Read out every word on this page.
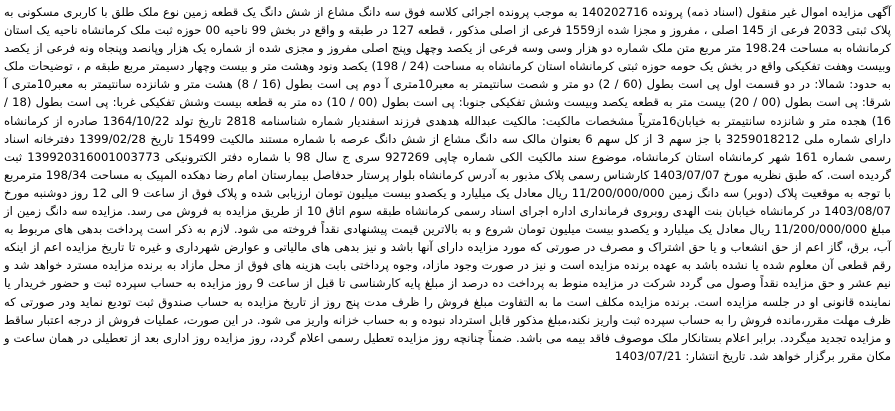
آگهی مزایده اموال غیر منقول (اسناد ذمه) پرونده 140202716 به موجب پرونده اجرائی کلاسه فوق سه دانگ مشاع از شش دانگ یک قطعه زمین نوع ملک طلق با کاربری مسکونی به پلاک ثبتی 2033 فرعی از 145 اصلی ، مفروز و مجزا شده از1559 فرعی از اصلی مذکور ، قطعه 127 در طبقه و واقع در بخش 99 ناحیه 00 حوزه ثبت ملک کرمانشاه ناحیه یک استان کرمانشاه به مساحت 198.24 متر مربع متن ملک شماره دو هزار وسی وسه فرعی از یکصد وچهل وپنج اصلی مفروز و مجزی شده از شماره یک هزار وپانصد وپنجاه ونه فرعی از یکصد وبیست وهفت تفکیکی واقع در بخش یک حومه حوزه ثبتی کرمانشاه استان کرمانشاه به مساحت (24 / 198) یکصد ونود وهشت متر و بیست وچهار دسیمتر مربع طبقه م ، توضیحات ملک به حدود: شمالا: در دو قسمت اول پی است بطول (60 / 2) دو متر و شصت سانتیمتر به معبر10متری آ دوم پی است بطول (16 / 8) هشت متر و شانزده سانتیمتر به معبر10متری آ شرقا: پی است بطول (00 / 20) بیست متر به قطعه یکصد وبیست وشش تفکیکی جنوبا: پی است بطول (00 / 10) ده متر به قطعه بیست وشش تفکیکی غربا: پی است بطول (18 / 16) هجده متر و شانزده سانتیمتر به خیابان16متریاً مشخصات مالکیت: مالکیت عبدالله هدهدی فرزند اسفندیار شماره شناسنامه 2818 تاریخ تولد 1364/10/22 صادره از کرمانشاه دارای شماره ملی 3259018212 با جز سهم 3 از کل سهم 6 بعنوان مالک سه دانگ مشاع از شش دانگ عرصه با شماره مستند مالکیت 15499 تاریخ 1399/02/28 دفترخانه اسناد رسمی شماره 161 شهر کرمانشاه استان کرمانشاه، موضوع سند مالکیت الکی شماره چاپی 927269 سری ج سال 98 با شماره دفتر الکترونیکی 139920316001003773 ثبت گردیده است. که طبق نظریه مورخ 1403/07/07 کارشناس رسمی پلاک مذبور به آدرس کرمانشاه بلوار پرستار حدفاصل بیمارستان امام رضا دهکده المپیک به مساحت 198/34 مترمربع با توجه به موقعیت پلاک (دوبر) سه دانگ زمین 11/200/000/000 ریال معادل یک میلیارد و یکصدو بیست میلیون تومان ارزیابی شده و پلاک فوق از ساعت 9 الی 12 روز دوشنبه مورخ 1403/08/07 در کرمانشاه خیابان بنت الهدی روبروی فرمانداری اداره اجرای اسناد رسمی کرمانشاه طبقه سوم اتاق 10 از طریق مزایده به فروش می رسد. مزایده سه دانگ زمین از مبلغ 11/200/000/000 ریال معادل یک میلیارد و یکصدو بیست میلیون تومان شروع و به بالاترین قیمت پیشنهادی نقداً فروخته می شود. لازم به ذکر است پرداخت بدهی های مربوط به آب، برق، گاز اعم از حق انشعاب و یا حق اشتراک و مصرف در صورتی که مورد مزایده دارای آنها باشد و نیز بدهی های مالیاتی و عوارض شهرداری و غیره تا تاریخ مزایده اعم از اینکه رقم قطعی آن معلوم شده یا نشده باشد به عهده برنده مزایده است و نیز در صورت وجود مازاد، وجوه پرداختی بابت هزینه های فوق از محل مازاد به برنده مزایده مسترد خواهد شد و نیم عشر و حق مزایده نقداً وصول می گردد شرکت در مزایده منوط به پرداخت ده درصد از مبلغ پایه کارشناسی تا قبل از ساعت 9 روز مزایده به حساب سپرده ثبت و حضور خریدار یا نماینده قانونی او در جلسه مزایده است. برنده مزایده مکلف است ما به التفاوت مبلغ فروش را ظرف مدت پنج روز از تاریخ مزایده به حساب صندوق ثبت تودیع نماید ودر صورتی که ظرف مهلت مقرر،مانده فروش را به حساب سپرده ثبت واریز نکند،مبلغ مذکور قابل استرداد نبوده و به حساب خزانه واریز می شود. در این صورت، عملیات فروش از درجه اعتبار ساقط و مزایده تجدید میگردد. برابر اعلام بستانکار ملک موصوف فاقد بیمه می باشد. ضمناً چنانچه روز مزایده تعطیل رسمی اعلام گردد، روز مزایده روز اداری بعد از تعطیلی در همان ساعت و مکان مقرر برگزار خواهد شد. تاریخ انتشار: 1403/07/21
